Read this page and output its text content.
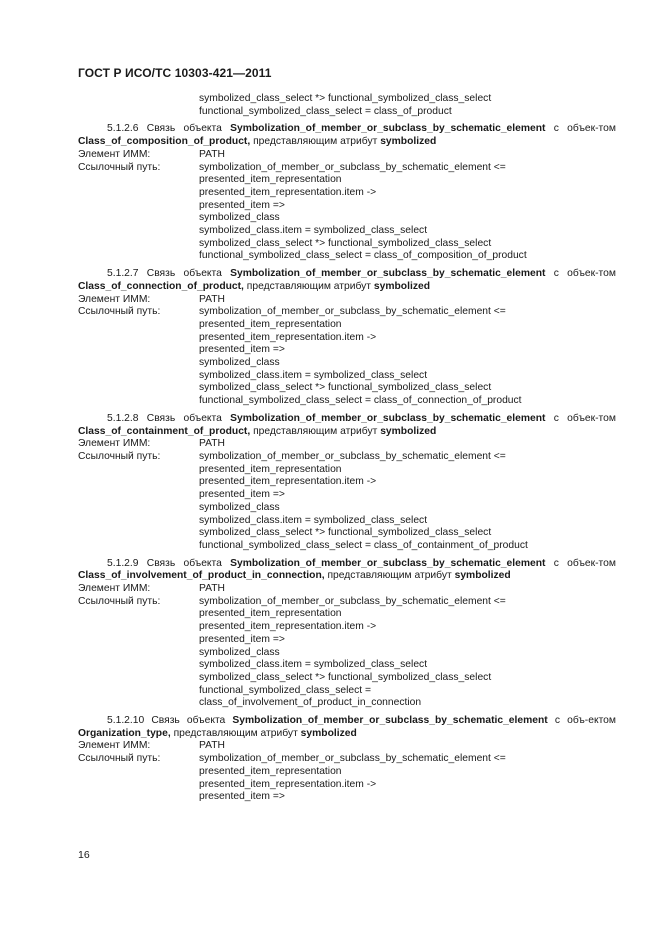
ГОСТ Р ИСО/ТС 10303-421—2011
symbolized_class_select *> functional_symbolized_class_select
functional_symbolized_class_select = class_of_product
5.1.2.6 Связь объекта Symbolization_of_member_or_subclass_by_schematic_element с объек-том Class_of_composition_of_product, представляющим атрибут symbolized
Элемент ИММ:	PATH
Ссылочный путь:	symbolization_of_member_or_subclass_by_schematic_element <=
presented_item_representation
presented_item_representation.item ->
presented_item =>
symbolized_class
symbolized_class.item = symbolized_class_select
symbolized_class_select *> functional_symbolized_class_select
functional_symbolized_class_select = class_of_composition_of_product
5.1.2.7 Связь объекта Symbolization_of_member_or_subclass_by_schematic_element с объек-том Class_of_connection_of_product, представляющим атрибут symbolized
Элемент ИММ:	PATH
Ссылочный путь:	symbolization_of_member_or_subclass_by_schematic_element <=
presented_item_representation
presented_item_representation.item ->
presented_item =>
symbolized_class
symbolized_class.item = symbolized_class_select
symbolized_class_select *> functional_symbolized_class_select
functional_symbolized_class_select = class_of_connection_of_product
5.1.2.8 Связь объекта Symbolization_of_member_or_subclass_by_schematic_element с объек-том Class_of_containment_of_product, представляющим атрибут symbolized
Элемент ИММ:	PATH
Ссылочный путь:	symbolization_of_member_or_subclass_by_schematic_element <=
presented_item_representation
presented_item_representation.item ->
presented_item =>
symbolized_class
symbolized_class.item = symbolized_class_select
symbolized_class_select *> functional_symbolized_class_select
functional_symbolized_class_select = class_of_containment_of_product
5.1.2.9 Связь объекта Symbolization_of_member_or_subclass_by_schematic_element с объек-том Class_of_involvement_of_product_in_connection, представляющим атрибут symbolized
Элемент ИММ:	PATH
Ссылочный путь:	symbolization_of_member_or_subclass_by_schematic_element <=
presented_item_representation
presented_item_representation.item ->
presented_item =>
symbolized_class
symbolized_class.item = symbolized_class_select
symbolized_class_select *> functional_symbolized_class_select
functional_symbolized_class_select =
class_of_involvement_of_product_in_connection
5.1.2.10 Связь объекта Symbolization_of_member_or_subclass_by_schematic_element с объ-ектом Organization_type, представляющим атрибут symbolized
Элемент ИММ:	PATH
Ссылочный путь:	symbolization_of_member_or_subclass_by_schematic_element <=
presented_item_representation
presented_item_representation.item ->
presented_item =>
16
